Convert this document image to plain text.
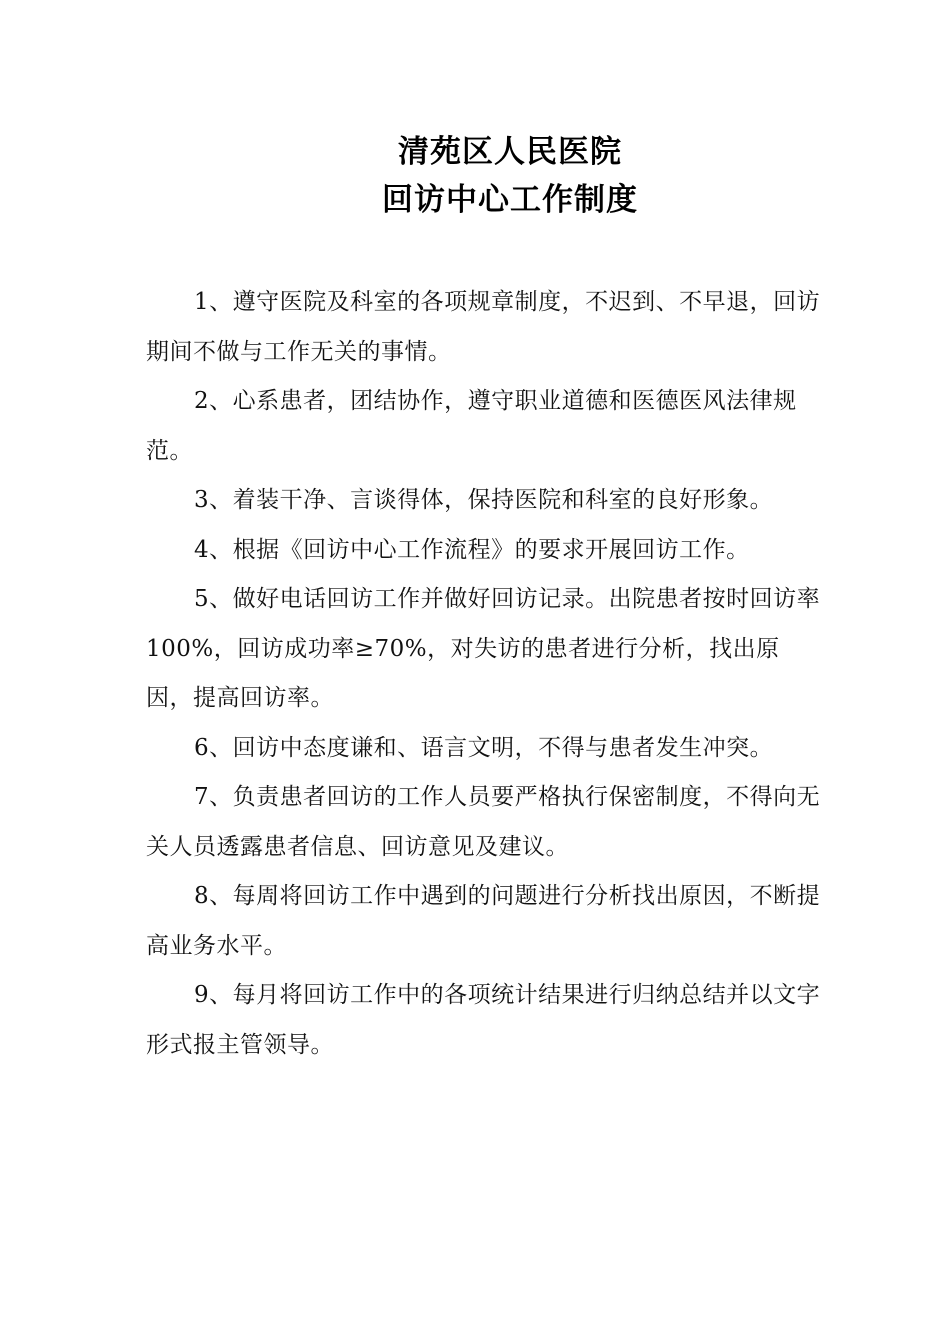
清苑区人民医院
回访中心工作制度

1、遵守医院及科室的各项规章制度，不迟到、不早退，回访期间不做与工作无关的事情。

2、心系患者，团结协作，遵守职业道德和医德医风法律规范。

3、着装干净、言谈得体，保持医院和科室的良好形象。

4、根据《回访中心工作流程》的要求开展回访工作。

5、做好电话回访工作并做好回访记录。出院患者按时回访率100%，回访成功率≥70%，对失访的患者进行分析，找出原因，提高回访率。

6、回访中态度谦和、语言文明，不得与患者发生冲突。

7、负责患者回访的工作人员要严格执行保密制度，不得向无关人员透露患者信息、回访意见及建议。

8、每周将回访工作中遇到的问题进行分析找出原因，不断提高业务水平。

9、每月将回访工作中的各项统计结果进行归纳总结并以文字形式报主管领导。
